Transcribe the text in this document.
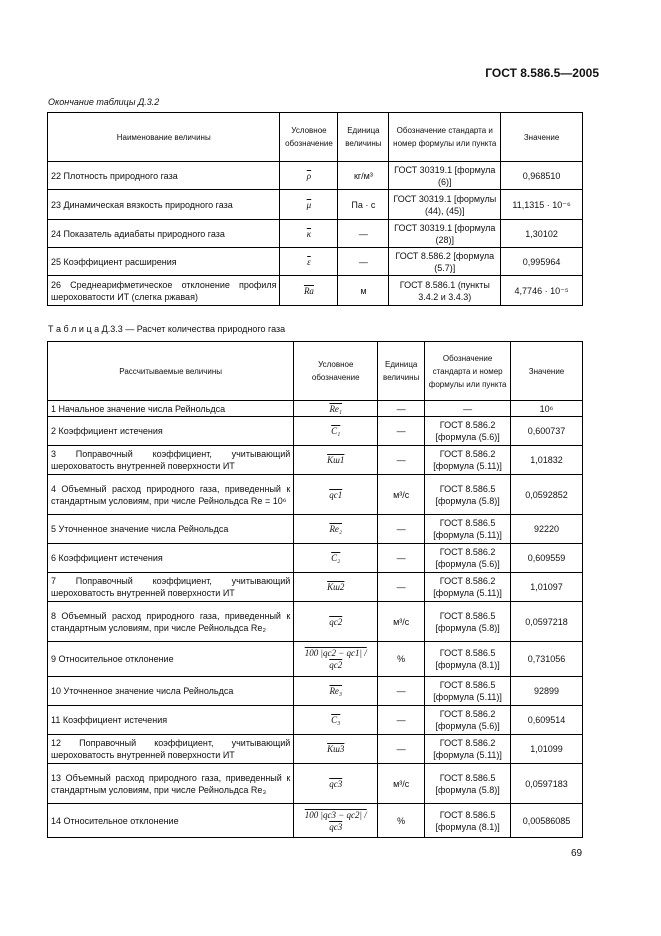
ГОСТ 8.586.5—2005
Окончание таблицы Д.3.2
Наименование величины	Условное обозначение	Единица величины	Обозначение стандарта и номер формулы или пункта	Значение

22 Плотность природного газа	$\overline{\rho}$	кг/м³	ГОСТ 30319.1 [формула (6)]	0,968510

23 Динамическая вязкость природного газа	$\overline{\mu}$	Па · с	ГОСТ 30319.1 [формулы (44), (45)]	11,1315 · 10⁻⁶

24 Показатель адиабаты природного газа	$\overline{\kappa}$	—	ГОСТ 30319.1 [формула (28)]	1,30102

25 Коэффициент расширения	$\overline{\varepsilon}$	—	ГОСТ 8.586.2 [формула (5.7)]	0,995964

26 Среднеарифметическое отклонение профиля шероховатости ИТ (слегка ржавая)	$\overline{Ra}$	м	ГОСТ 8.586.1 (пункты 3.4.2 и 3.4.3)	4,7746 · 10⁻⁵
Т а б л и ц а Д.3.3 — Расчет количества природного газа
Рассчитываемые величины	Условное обозначение	Единица величины	Обозначение стандарта и номер формулы или пункта	Значение

1 Начальное значение числа Рейнольдса	Re₁	—	—	10⁶

2 Коэффициент истечения	C₁	—	ГОСТ 8.586.2 [формула (5.6)]	0,600737

3 Поправочный коэффициент, учитывающий шероховатость внутренней поверхности ИТ	Kш1	—	ГОСТ 8.586.2 [формула (5.11)]	1,01832

4 Объемный расход природного газа, приведенный к стандартным условиям, при числе Рейнольдса Re = 10⁶	qc1	м³/с	ГОСТ 8.586.5 [формула (5.8)]	0,0592852

5 Уточненное значение числа Рейнольдса	Re₂	—	ГОСТ 8.586.5 [формула (5.11)]	92220

6 Коэффициент истечения	C₂	—	ГОСТ 8.586.2 [формула (5.6)]	0,609559

7 Поправочный коэффициент, учитывающий шероховатость внутренней поверхности ИТ	Kш2	—	ГОСТ 8.586.2 [формула (5.11)]	1,01097

8 Объемный расход природного газа, приведенный к стандартным условиям, при числе Рейнольдса Re₂	qc2	м³/с	ГОСТ 8.586.5 [формула (5.8)]	0,0597218

9 Относительное отклонение	100 |qc2 − qc1| / qc2	%	ГОСТ 8.586.5 [формула (8.1)]	0,731056

10 Уточненное значение числа Рейнольдса	Re₃	—	ГОСТ 8.586.5 [формула (5.11)]	92899

11 Коэффициент истечения	C₃	—	ГОСТ 8.586.2 [формула (5.6)]	0,609514

12 Поправочный коэффициент, учитывающий шероховатость внутренней поверхности ИТ	Kш3	—	ГОСТ 8.586.2 [формула (5.11)]	1,01099

13 Объемный расход природного газа, приведенный к стандартным условиям, при числе Рейнольдса Re₃	qc3	м³/с	ГОСТ 8.586.5 [формула (5.8)]	0,0597183

14 Относительное отклонение	100 |qc3 − qc2| / qc3	%	ГОСТ 8.586.5 [формула (8.1)]	0,00586085
69
